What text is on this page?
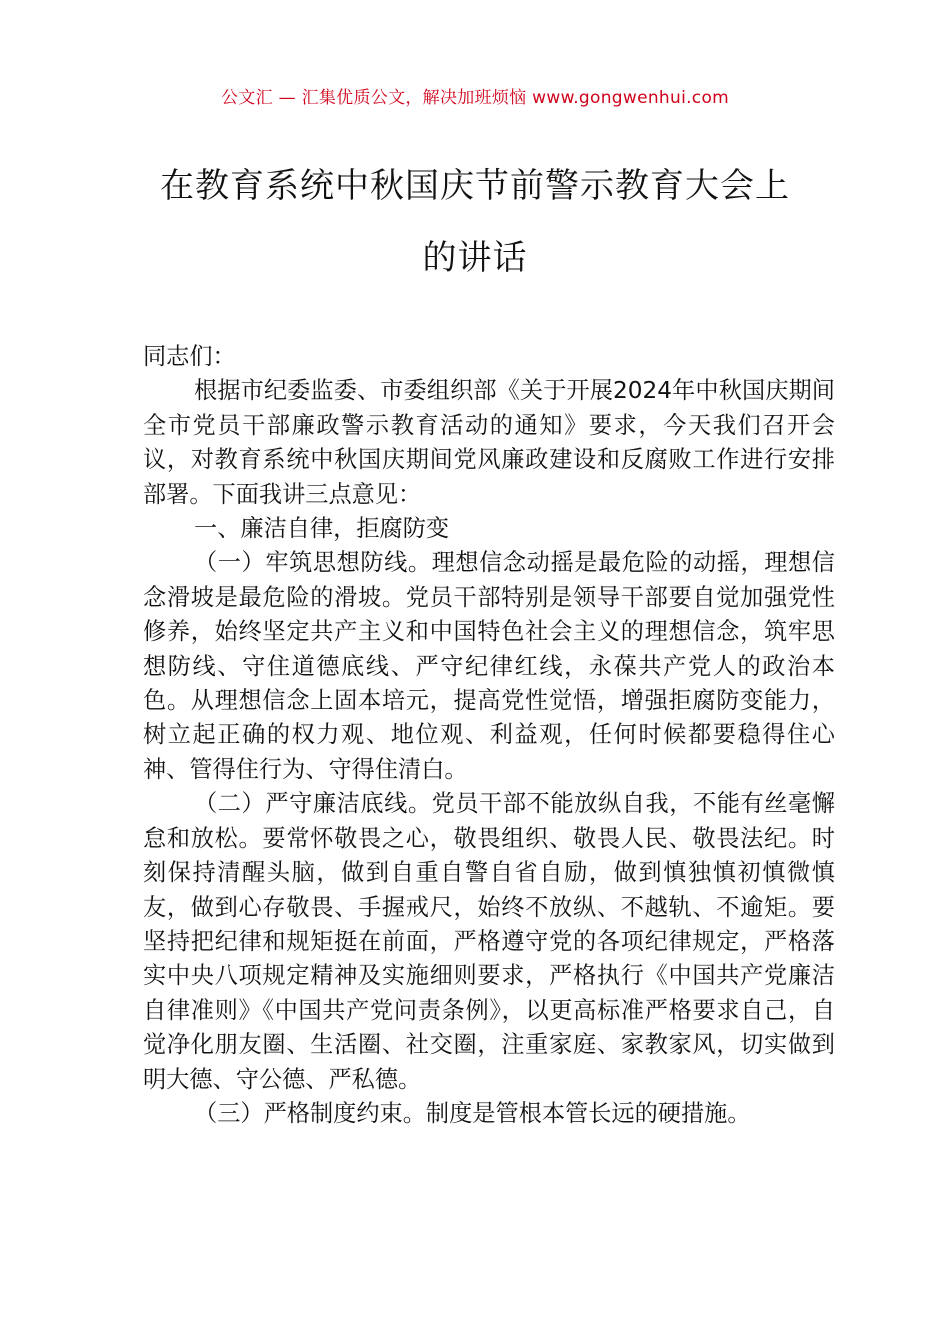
公文汇 — 汇集优质公文，解决加班烦恼 www.gongwenhui.com
在教育系统中秋国庆节前警示教育大会上
的讲话

同志们：

根据市纪委监委、市委组织部《关于开展2024年中秋国庆期间全市党员干部廉政警示教育活动的通知》要求，今天我们召开会议，对教育系统中秋国庆期间党风廉政建设和反腐败工作进行安排部署。下面我讲三点意见：

一、廉洁自律，拒腐防变

（一）牢筑思想防线。理想信念动摇是最危险的动摇，理想信念滑坡是最危险的滑坡。党员干部特别是领导干部要自觉加强党性修养，始终坚定共产主义和中国特色社会主义的理想信念，筑牢思想防线、守住道德底线、严守纪律红线，永葆共产党人的政治本色。从理想信念上固本培元，提高党性觉悟，增强拒腐防变能力，树立起正确的权力观、地位观、利益观，任何时候都要稳得住心神、管得住行为、守得住清白。

（二）严守廉洁底线。党员干部不能放纵自我，不能有丝毫懈怠和放松。要常怀敬畏之心，敬畏组织、敬畏人民、敬畏法纪。时刻保持清醒头脑，做到自重自警自省自励，做到慎独慎初慎微慎友，做到心存敬畏、手握戒尺，始终不放纵、不越轨、不逾矩。要坚持把纪律和规矩挺在前面，严格遵守党的各项纪律规定，严格落实中央八项规定精神及实施细则要求，严格执行《中国共产党廉洁自律准则》《中国共产党问责条例》，以更高标准严格要求自己，自觉净化朋友圈、生活圈、社交圈，注重家庭、家教家风，切实做到明大德、守公德、严私德。

（三）严格制度约束。制度是管根本管长远的硬措施。
